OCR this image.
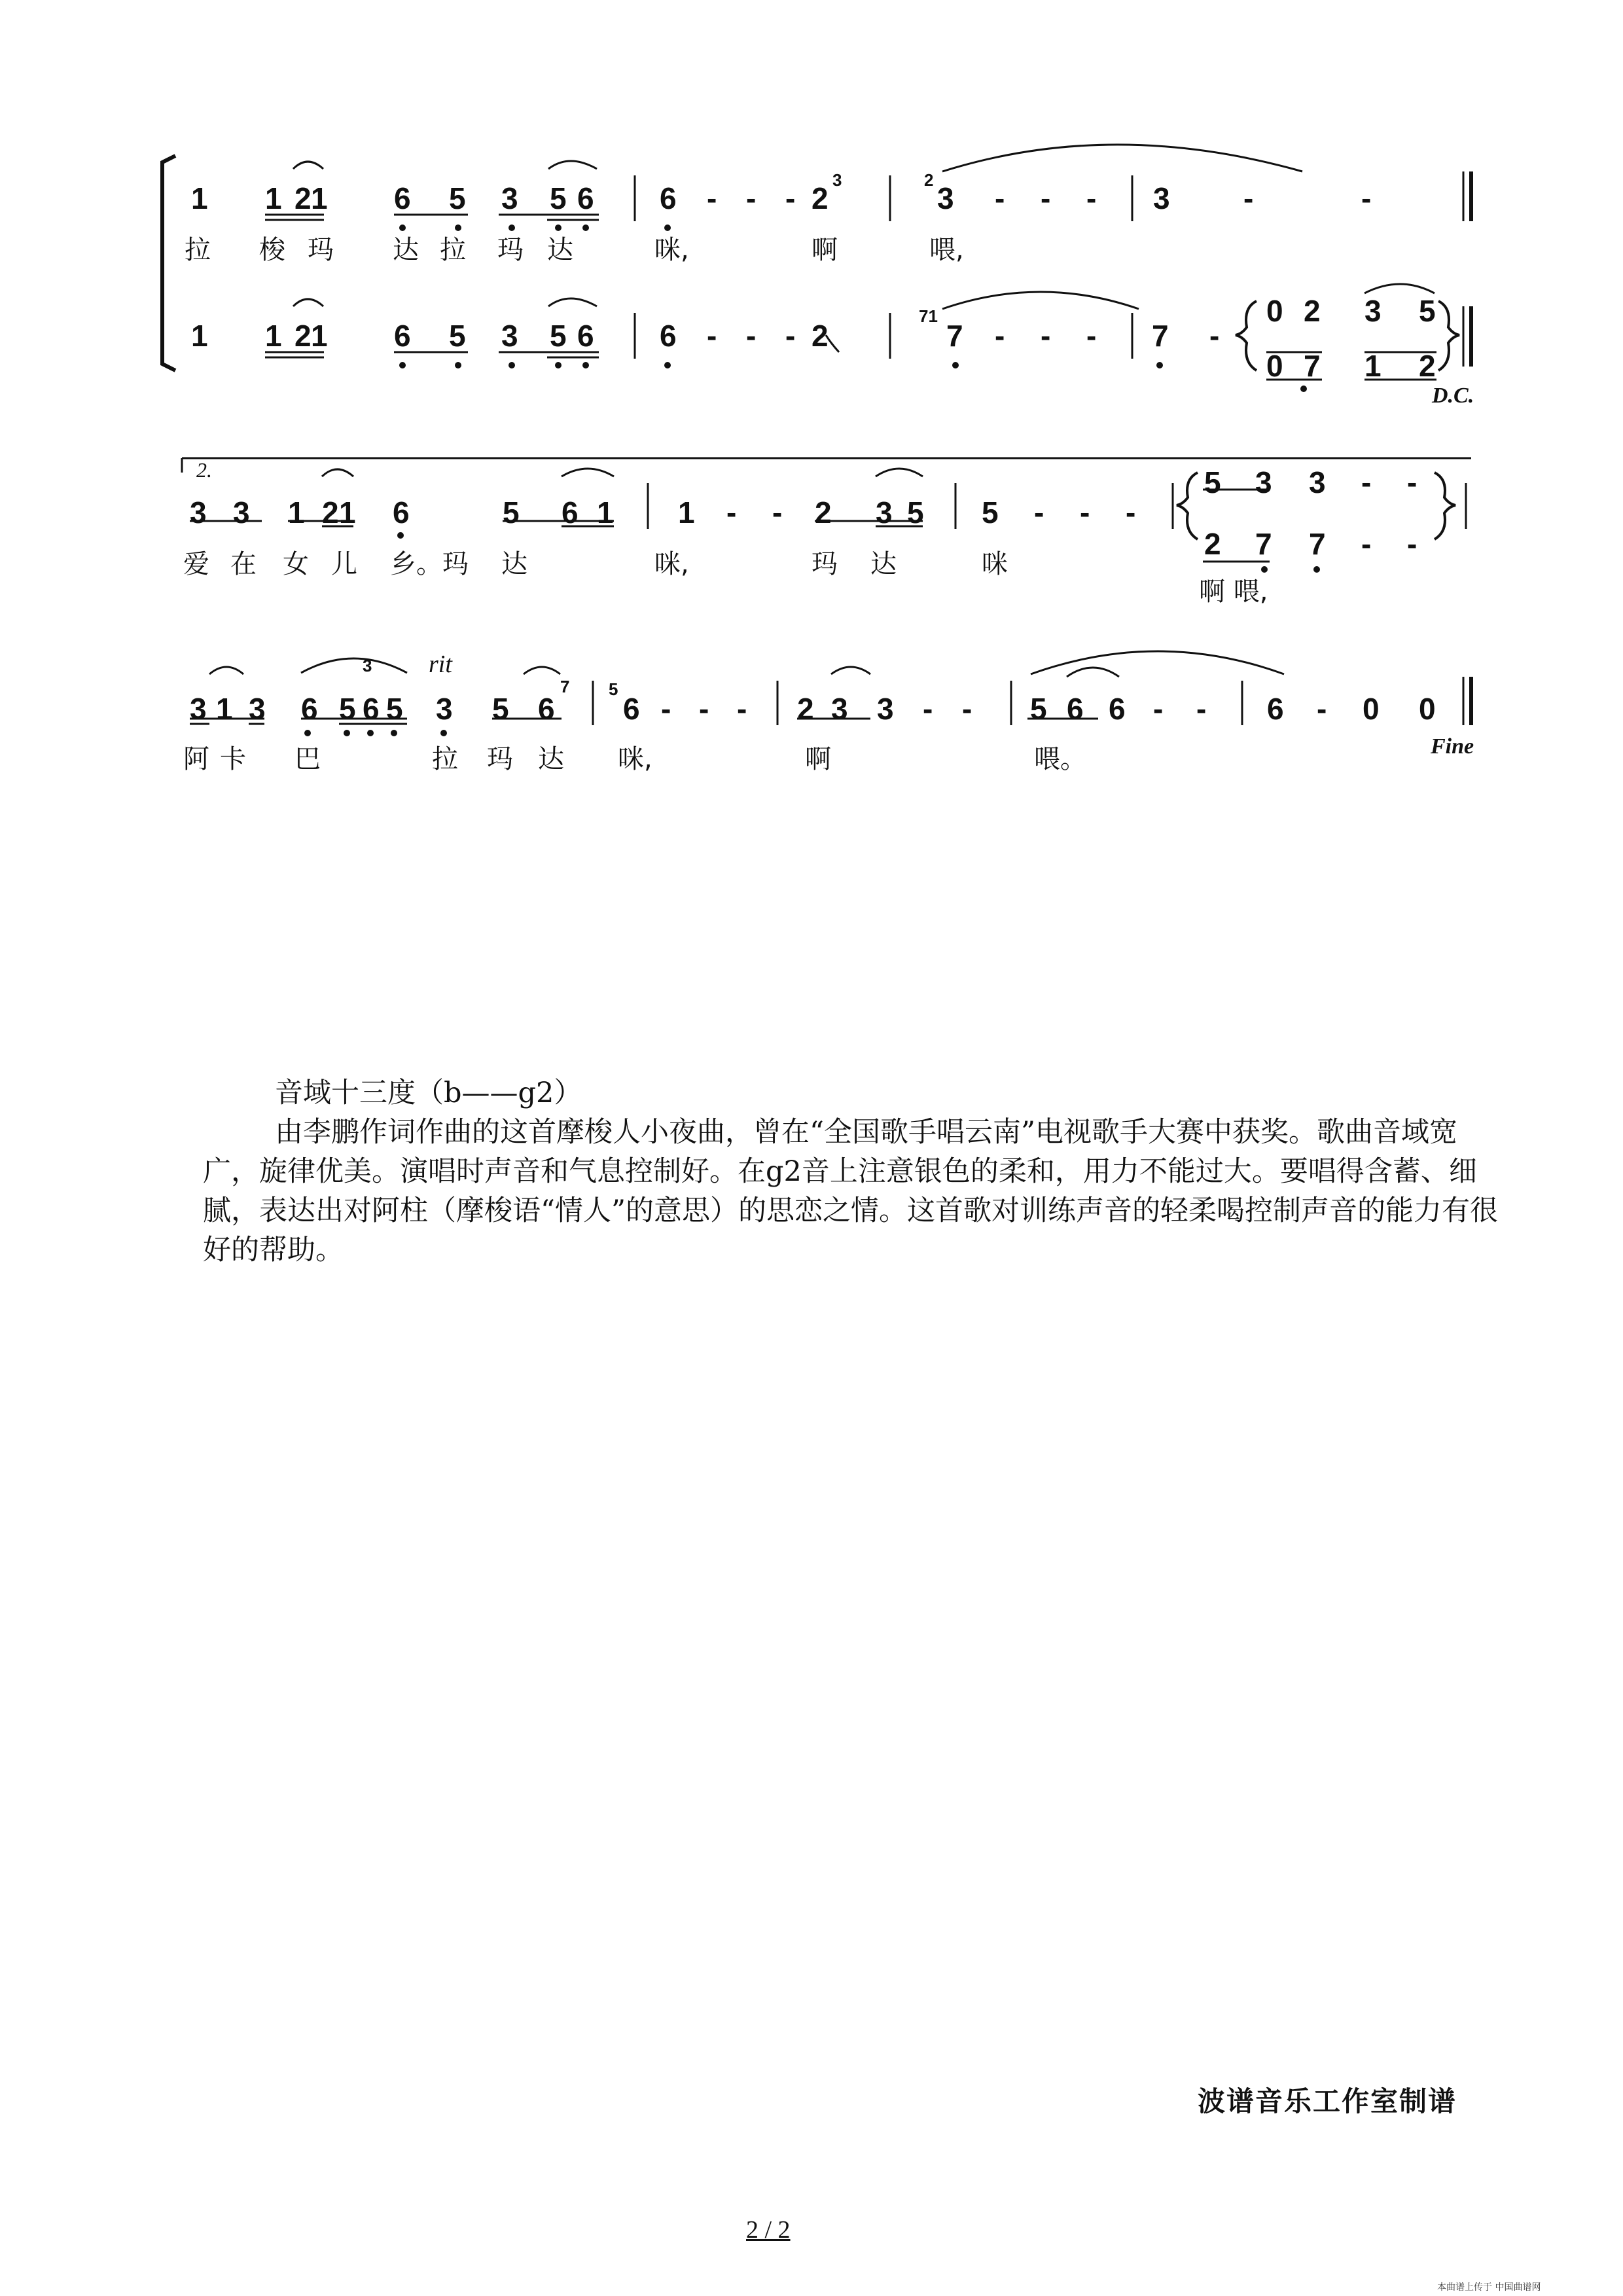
1 1 2 1 6 5 3 5 6 6 - - - 2
3	2
3 - - - 3 -	-
拉 梭 玛 达 拉 玛 达	咪,	啊	喂,
1 1 2 1 6 5 3 5 6 6 - - - 2
71
7 - - - 7 -
0 2 3 5
0 7 1 2
D.C.
2.
3 3 1 2 1 6	5 6 1 1 - - 2 3 5 5 - - -
5 3 3 - -
2 7 7 - -
爱 在 女 儿 乡。玛 达	咪,	玛 达	咪
啊 喂,
rit
3
3 1 3 6 5 6 5 3 5 6
7 5
6 - - - 2 3 3 - - 5 6 6 - - 6 - 0 0
阿 卡 巴	拉 玛 达 咪,	啊	喂。	Fine

音域十三度（b——g2）

由李鹏作词作曲的这首摩梭人小夜曲，曾在“全国歌手唱云南”电视歌手大赛中获奖。歌曲音域宽广，旋律优美。演唱时声音和气息控制好。在g2音上注意银色的柔和，用力不能过大。要唱得含蓄、细腻，表达出对阿柱（摩梭语“情人”的意思）的思恋之情。这首歌对训练声音的轻柔喝控制声音的能力有很好的帮助。

波谱音乐工作室制谱
2 / 2
本曲谱上传于 中国曲谱网
